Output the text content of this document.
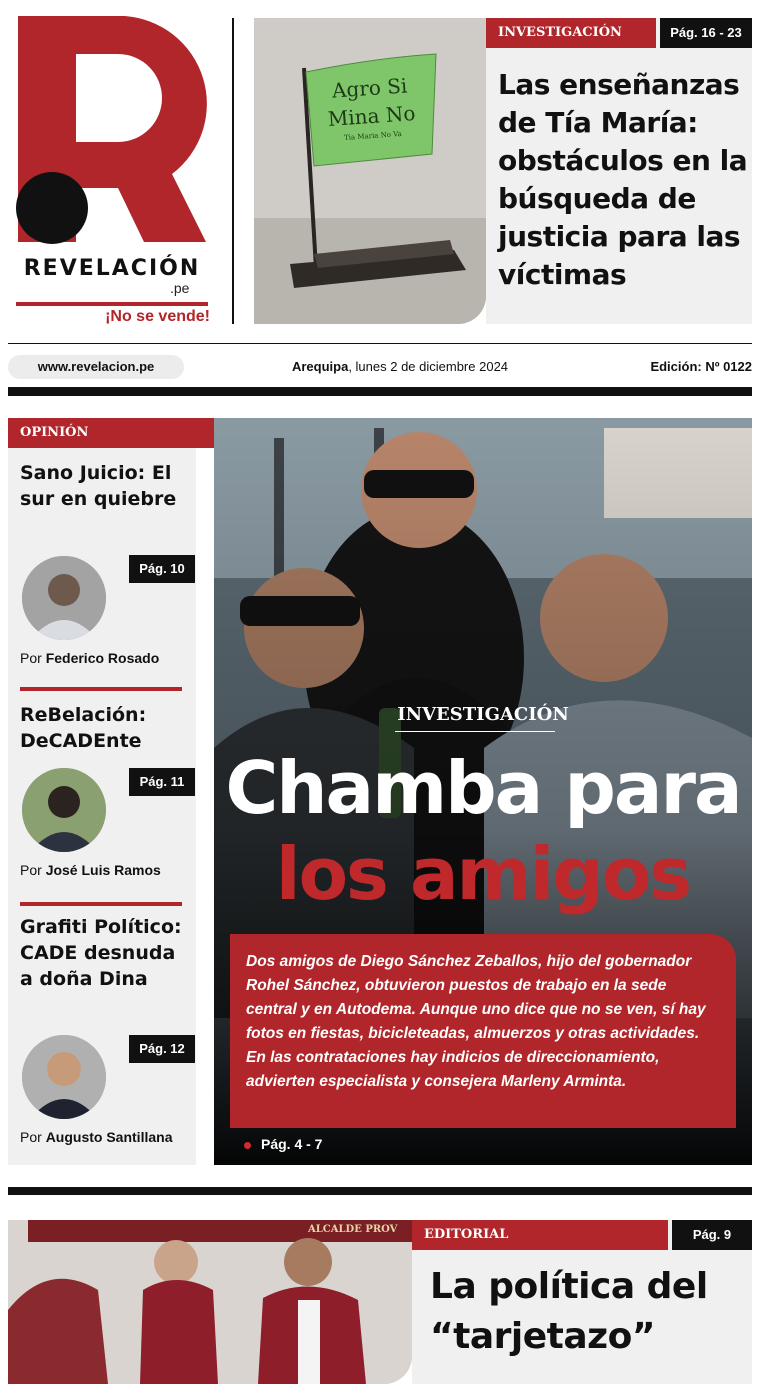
REVELACIÓN
.pe
¡No se vende!
Agro Si
Mina No
Tia Maria No Va
INVESTIGACIÓN	Pág. 16 - 23
Las enseñanzas de Tía María: obstáculos en la búsqueda de justicia para las víctimas
www.revelacion.pe	Arequipa, lunes 2 de diciembre 2024	Edición: Nº 0122
OPINIÓN
Sano Juicio: El sur en quiebre
Pág. 10
Por Federico Rosado
ReBelación: DeCADEnte
Pág. 11
Por José Luis Ramos
Grafiti Político: CADE desnuda a doña Dina
Pág. 12
Por Augusto Santillana
INVESTIGACIÓN
Chamba para
los amigos

Dos amigos de Diego Sánchez Zeballos, hijo del gobernador Rohel Sánchez, obtuvieron puestos de trabajo en la sede central y en Autodema. Aunque uno dice que no se ven, sí hay fotos en fiestas, bicicleteadas, almuerzos y otras actividades. En las contrataciones hay indicios de direccionamiento, advierten especialista y consejera Marleny Arminta.

Pág. 4 - 7
ALCALDE PROV	EDITORIAL	Pág. 9
La política del
“tarjetazo”
